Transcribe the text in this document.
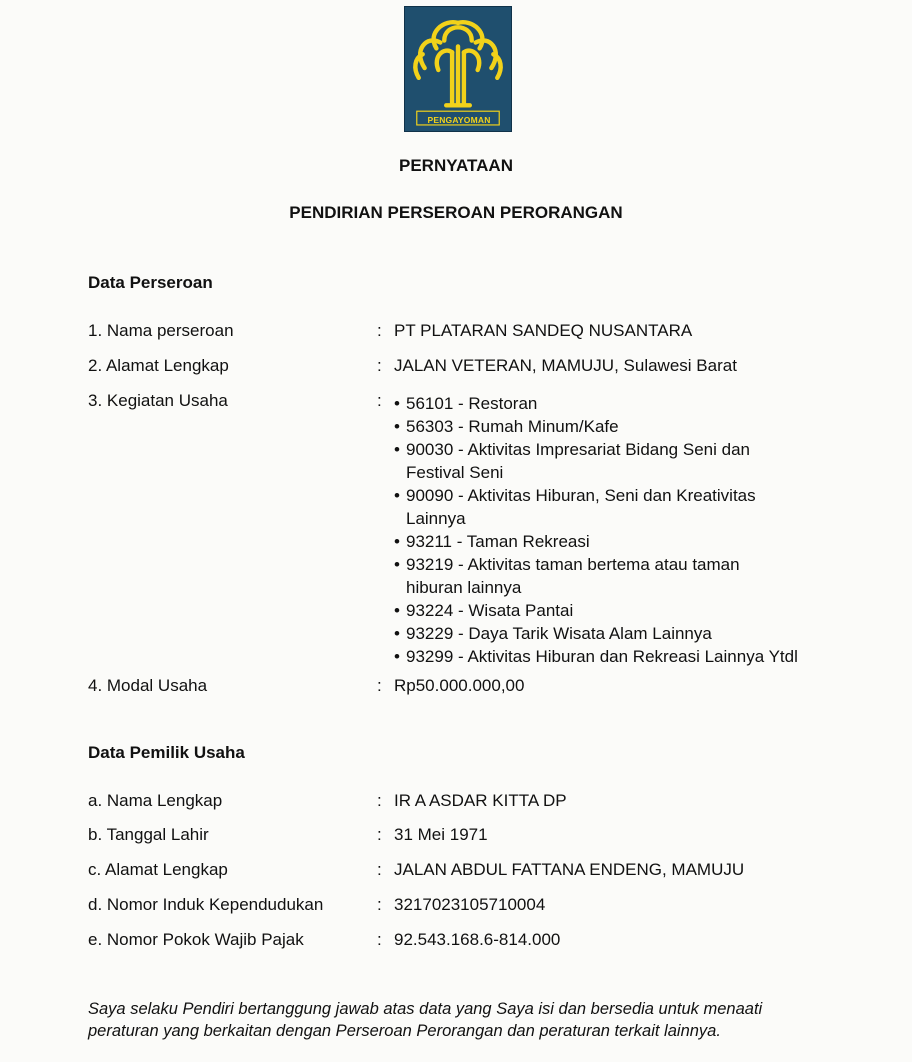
PENGAYOMAN
PERNYATAAN
PENDIRIAN PERSEROAN PERORANGAN
Data Perseroan
1. Nama perseroan	: PT PLATARAN SANDEQ NUSANTARA
2. Alamat Lengkap	: JALAN VETERAN, MAMUJU, Sulawesi Barat
3. Kegiatan Usaha	:
•	56101 - Restoran
• 56303 - Rumah Minum/Kafe
• 90030 - Aktivitas Impresariat Bidang Seni dan
Festival Seni
• 90090 - Aktivitas Hiburan, Seni dan Kreativitas
Lainnya
• 93211 - Taman Rekreasi
• 93219 - Aktivitas taman bertema atau taman
hiburan lainnya
• 93224 - Wisata Pantai
• 93229 - Daya Tarik Wisata Alam Lainnya
• 93299 - Aktivitas Hiburan dan Rekreasi Lainnya Ytdl
4. Modal Usaha	: Rp50.000.000,00
Data Pemilik Usaha
a. Nama Lengkap	: IR A ASDAR KITTA DP
b. Tanggal Lahir	: 31 Mei 1971
c. Alamat Lengkap	: JALAN ABDUL FATTANA ENDENG, MAMUJU
d. Nomor Induk Kependudukan	: 3217023105710004
e. Nomor Pokok Wajib Pajak	: 92.543.168.6-814.000
Saya selaku Pendiri bertanggung jawab atas data yang Saya isi dan bersedia untuk menaati
peraturan yang berkaitan dengan Perseroan Perorangan dan peraturan terkait lainnya.
